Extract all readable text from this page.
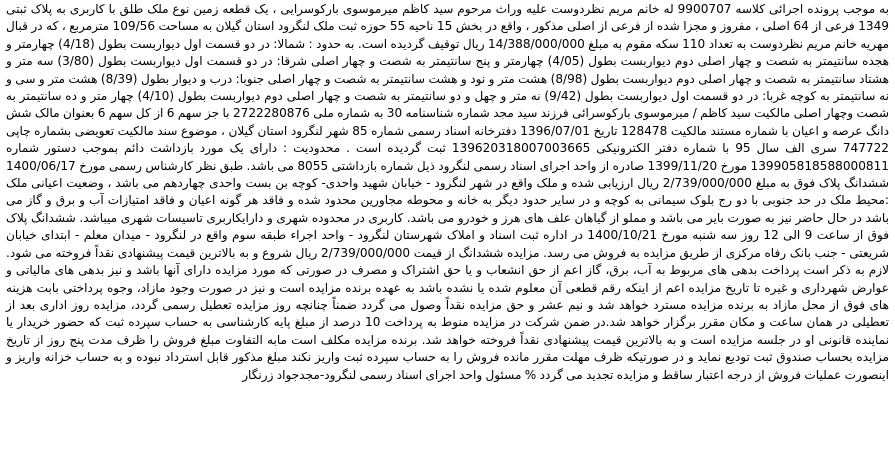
به موجب پرونده اجرائی کلاسه 9900707 له خانم مریم نظردوست علیه وراث مرحوم سید کاظم میرموسوی بارکوسرایی ، یک قطعه زمین نوع ملک طلق با کاربری به پلاک ثبتی 1349 فرعی از 64 اصلی ، مفروز و مجزا شده از فرعی از اصلی مذکور ، واقع در بخش 15 ناحیه 55 حوزه ثبت ملک لنگرود استان گیلان به مساحت 109/56 مترمربع ، که در قبال مهریه خانم مریم نظردوست به تعداد 110 سکه مقوم به مبلغ 14/388/000/000 ریال توقیف گردیده است. به حدود : شمالا: در دو قسمت اول دیواربست بطول (4/18) چهارمتر و هجده سانتیمتر به شصت و چهار اصلی دوم دیواربست بطول (4/05) چهارمتر و پنج سانتیمتر به شصت و چهار اصلی شرقا: در دو قسمت اول دیواربست بطول (3/80) سه متر و هشتاد سانتیمتر به شصت و چهار اصلی دوم دیواربست بطول (8/98) هشت متر و نود و هشت سانتیمتر به شصت و چهار اصلی جنوبا: درب و دیوار بطول (8/39) هشت متر و سی و نه سانتیمتر به کوچه غربا: در دو قسمت اول دیواربست بطول (9/42) نه متر و چهل و دو سانتیمتر به شصت و چهار اصلی دوم دیواربست بطول (4/10) چهار متر و ده سانتیمتر به شصت وچهار اصلی مالکیت سید کاظم / میرموسوی بارکوسرائی فرزند سید مجد شماره شناسنامه 30 به شماره ملی 2722280876 با جز سهم 6 از کل سهم 6 بعنوان مالک شش دانگ عرصه و اعیان با شماره مستند مالکیت 128478 تاریخ 1396/07/01 دفترخانه اسناد رسمی شماره 85 شهر لنگرود استان گیلان ، موضوع سند مالکیت تعویضی بشماره چاپی 747722 سری الف سال 95 با شماره دفتر الکترونیکی 139620318007003665 ثبت گردیده است . محدودیت : دارای یک مورد بازداشت دائم بموجب دستور شماره 139905818588000811 مورخ 1399/11/20 صادره از واحد اجرای اسناد رسمی لنگرود ذیل شماره بازداشتی 8055 می باشد. طبق نظر کارشناس رسمی مورخ 1400/06/17 ششدانگ پلاک فوق به مبلغ 2/739/000/000 ریال ارزیابی شده و ملک واقع در شهر لنگرود - خیابان شهید واحدی- کوچه بن بست واحدی چهاردهم می باشد ، وضعیت اعیانی ملک :محیط ملک در حد جنوبی با دو رج بلوک سیمانی به کوچه و در سایر حدود دیگر به خانه و محوطه مجاورین محدود شده و فاقد هر گونه اعیان و فاقد امتیازات آب و برق و گاز می باشد در حال حاضر نیز به صورت بایر می باشد و مملو از گیاهان علف های هرز و خودرو می باشد. کاربری در محدوده شهری و دارایکاربری تاسیسات شهری میباشد. ششدانگ پلاک فوق از ساعت 9 الی 12 روز سه شنبه مورخ 1400/10/21 در اداره ثبت اسناد و املاک شهرستان لنگرود - واحد اجراء طبقه سوم واقع در لنگرود - میدان معلم - ابتدای خیابان شریعتی - جنب بانک رفاه مرکزی از طریق مزایده به فروش می رسد. مزایده ششدانگ از قیمت 2/739/000/000 ریال شروع و به بالاترین قیمت پیشنهادی نقداً فروخته می شود. لازم به ذکر است پرداخت بدهی های مربوط به آب، برق، گاز اعم از حق انشعاب و یا حق اشتراک و مصرف در صورتی که مورد مزایده دارای آنها باشد و نیز بدهی های مالیاتی و عوارض شهرداری و غیره تا تاریخ مزایده اعم از اینکه رقم قطعی آن معلوم شده یا نشده باشد به عهده برنده مزایده است و نیز در صورت وجود مازاد، وجوه پرداختی بابت هزینه های فوق از محل مازاد به برنده مزایده مسترد خواهد شد و نیم عشر و حق مزایده نقداً وصول می گردد ضمناً چنانچه روز مزایده تعطیل رسمی گردد، مزایده روز اداری بعد از تعطیلی در همان ساعت و مکان مقرر برگزار خواهد شد.در ضمن شرکت در مزایده منوط به پرداخت 10 درصد از مبلغ پایه کارشناسی به حساب سپرده ثبت که حضور خریدار یا نماینده قانونی او در جلسه مزایده است و به بالاترین قیمت پیشنهادی نقداً فروخته خواهد شد. برنده مزایده مکلف است مابه التفاوت مبلغ فروش را ظرف مدت پنج روز از تاریخ مزایده بحساب صندوق ثبت تودیع نماید و در صورتیکه ظرف مهلت مقرر مانده فروش را به حساب سپرده ثبت واریز نکند مبلغ مذکور قابل استرداد نبوده و به حساب خزانه واریز و اینصورت عملیات فروش از درجه اعتبار ساقط و مزایده تجدید می گردد % مسئول واحد اجرای اسناد رسمی لنگرود-مجدجواد زرنگار
